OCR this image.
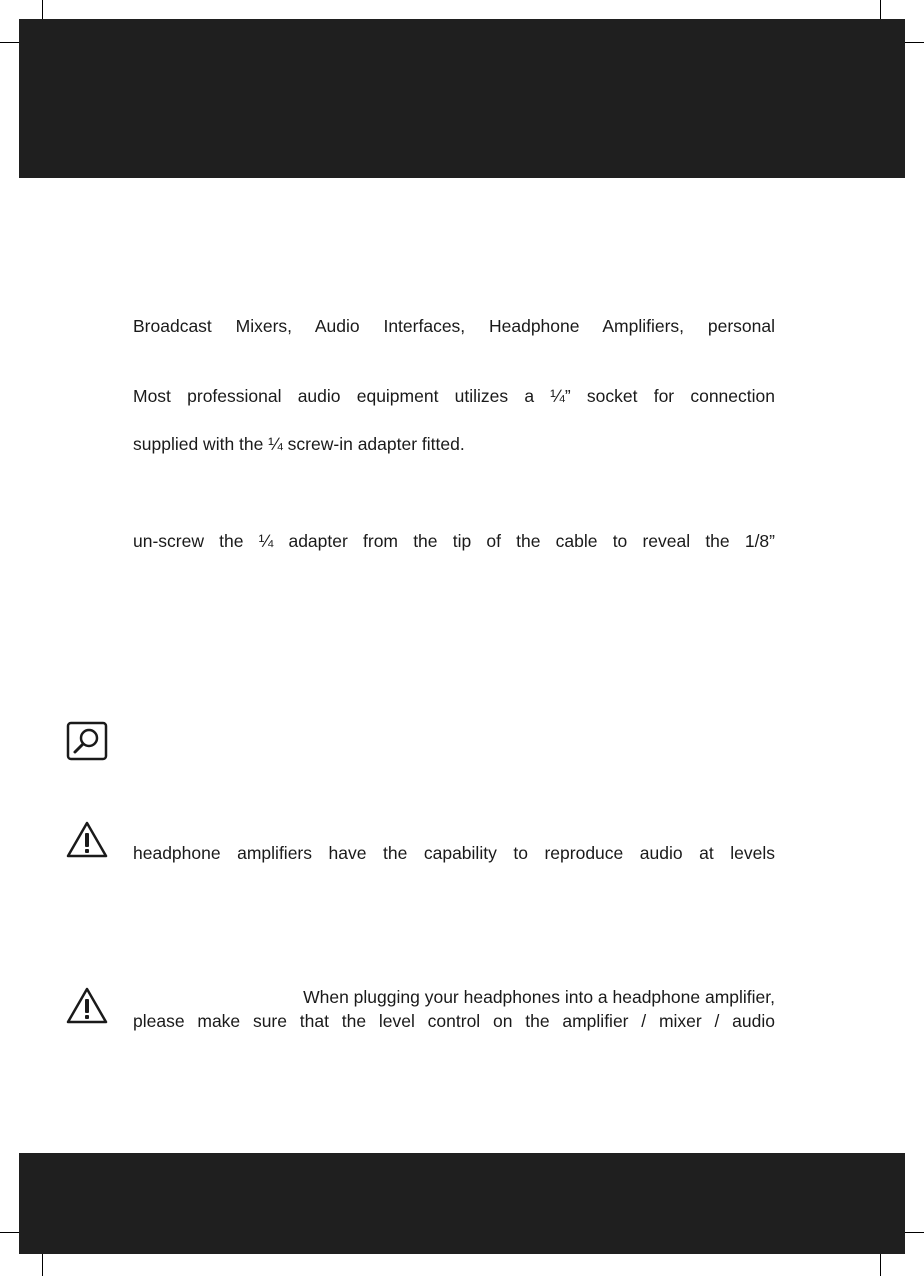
Broadcast Mixers, Audio Interfaces, Headphone Amplifiers, personal
Most professional audio equipment utilizes a ¼” socket for connection
supplied with the ¼ screw-in adapter fitted.
un-screw the ¼ adapter from the tip of the cable to reveal the 1/8”
headphone amplifiers have the capability to reproduce audio at levels
When plugging your headphones into a headphone amplifier,
please make sure that the level control on the amplifier / mixer / audio
